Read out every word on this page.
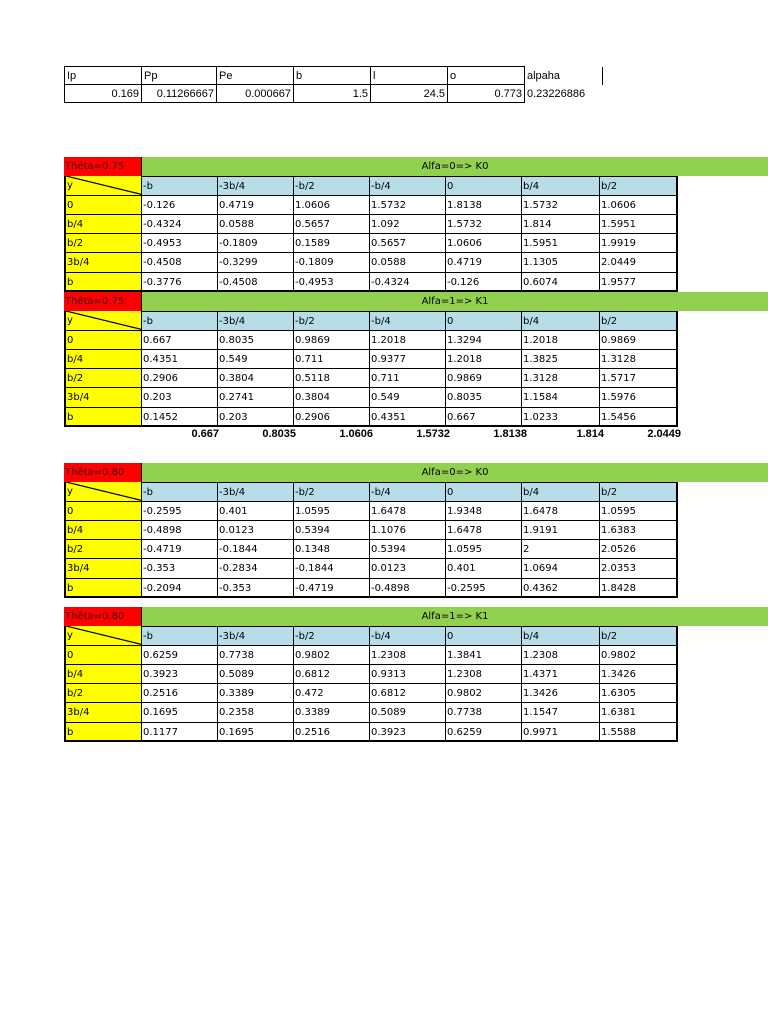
Ip	Pp	Pe	b	l	o	alpaha
0.169	0.11266667	0.000667	1.5	24.5	0.773	0.23226886
Thêta=0.75	Alfa=0=> K0
y	-b	-3b/4	-b/2	-b/4	0	b/4	b/2
0	-0.126	0.4719	1.0606	1.5732	1.8138	1.5732	1.0606
b/4	-0.4324	0.0588	0.5657	1.092	1.5732	1.814	1.5951
b/2	-0.4953	-0.1809	0.1589	0.5657	1.0606	1.5951	1.9919
3b/4	-0.4508	-0.3299	-0.1809	0.0588	0.4719	1.1305	2.0449
b	-0.3776	-0.4508	-0.4953	-0.4324	-0.126	0.6074	1.9577
Thêta=0.75	Alfa=1=> K1
y	-b	-3b/4	-b/2	-b/4	0	b/4	b/2
0	0.667	0.8035	0.9869	1.2018	1.3294	1.2018	0.9869
b/4	0.4351	0.549	0.711	0.9377	1.2018	1.3825	1.3128
b/2	0.2906	0.3804	0.5118	0.711	0.9869	1.3128	1.5717
3b/4	0.203	0.2741	0.3804	0.549	0.8035	1.1584	1.5976
b	0.1452	0.203	0.2906	0.4351	0.667	1.0233	1.5456
0.667	0.8035	1.0606	1.5732	1.8138	1.814	2.0449
Thêta=0.80	Alfa=0=> K0
y	-b	-3b/4	-b/2	-b/4	0	b/4	b/2
0	-0.2595	0.401	1.0595	1.6478	1.9348	1.6478	1.0595
b/4	-0.4898	0.0123	0.5394	1.1076	1.6478	1.9191	1.6383
b/2	-0.4719	-0.1844	0.1348	0.5394	1.0595	2	2.0526
3b/4	-0.353	-0.2834	-0.1844	0.0123	0.401	1.0694	2.0353
b	-0.2094	-0.353	-0.4719	-0.4898	-0.2595	0.4362	1.8428
Thêta=0.80	Alfa=1=> K1
y	-b	-3b/4	-b/2	-b/4	0	b/4	b/2
0	0.6259	0.7738	0.9802	1.2308	1.3841	1.2308	0.9802
b/4	0.3923	0.5089	0.6812	0.9313	1.2308	1.4371	1.3426
b/2	0.2516	0.3389	0.472	0.6812	0.9802	1.3426	1.6305
3b/4	0.1695	0.2358	0.3389	0.5089	0.7738	1.1547	1.6381
b	0.1177	0.1695	0.2516	0.3923	0.6259	0.9971	1.5588
